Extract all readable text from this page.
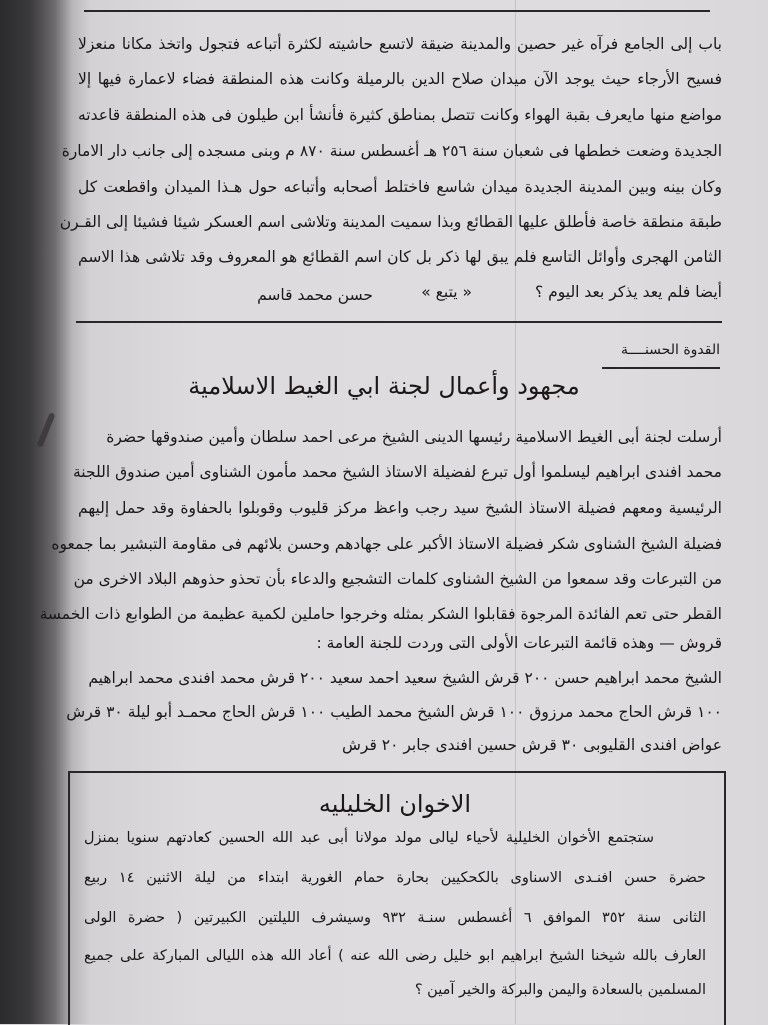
باب إلى الجامع فرآه غير حصين والمدينة ضيقة لاتسع حاشيته لكثرة أتباعه فتجول واتخذ مكانا منعزلا
فسيح الأرجاء حيث يوجد الآن ميدان صلاح الدين بالرميلة وكانت هذه المنطقة فضاء لاعمارة فيها إلا
مواضع منها مايعرف بقبة الهواء وكانت تتصل بمناطق كثيرة فأنشأ ابن طيلون فى هذه المنطقة قاعدته
الجديدة وضعت خططها فى شعبان سنة ٢٥٦ هـ أغسطس سنة ٨٧٠ م وبنى مسجده إلى جانب دار الامارة
وكان بينه وبين المدينة الجديدة ميدان شاسع فاختلط أصحابه وأتباعه حول هـذا الميدان واقطعت كل
طبقة منطقة خاصة فأطلق عليها القطائع وبذا سميت المدينة وتلاشى اسم العسكر شيئا فشيئا إلى القـرن
الثامن الهجرى وأوائل التاسع فلم يبق لها ذكر بل كان اسم القطائع هو المعروف وقد تلاشى هذا الاسم
أيضا فلم يعد يذكر بعد اليوم ؟
« يتبع »
حسن محمد قاسم
القدوة الحسنــــة
مجهود وأعمال لجنة ابي الغيط الاسلامية
أرسلت لجنة أبى الغيط الاسلامية رئيسها الدينى الشيخ مرعى احمد سلطان وأمين صندوقها حضرة
محمد افندى ابراهيم ليسلموا أول تبرع لفضيلة الاستاذ الشيخ محمد مأمون الشناوى أمين صندوق اللجنة
الرئيسية ومعهم فضيلة الاستاذ الشيخ سيد رجب واعظ مركز قليوب وقوبلوا بالحفاوة وقد حمل إليهم
فضيلة الشيخ الشناوى شكر فضيلة الاستاذ الأكبر على جهادهم وحسن بلائهم فى مقاومة التبشير بما جمعوه
من التبرعات وقد سمعوا من الشيخ الشناوى كلمات التشجيع والدعاء بأن تحذو حذوهم البلاد الاخرى من
القطر حتى تعم الفائدة المرجوة فقابلوا الشكر بمثله وخرجوا حاملين لكمية عظيمة من الطوابع ذات الخمسة
قروش — وهذه قائمة التبرعات الأولى التى وردت للجنة العامة :
الشيخ محمد ابراهيم حسن ٢٠٠ قرش الشيخ سعيد احمد سعيد ٢٠٠ قرش محمد افندى محمد ابراهيم
١٠٠ قرش الحاج محمد مرزوق ١٠٠ قرش الشيخ محمد الطيب ١٠٠ قرش الحاج محمـد أبو ليلة ٣٠ قرش
عواض افندى القليوبى ٣٠ قرش حسين افندى جابر ٢٠ قرش
الاخوان الخليليه
ستجتمع الأخوان الخليلية لأحياء ليالى مولد مولانا أبى عبد الله الحسين كعادتهم سنويا بمنزل
حضرة حسن افنـدى الاسناوى بالكحكيين بحارة حمام الغورية ابتداء من ليلة الاثنين ١٤ ربيع
الثانى سنة ٣٥٢ الموافق ٦ أغسطس سنـة ٩٣٢ وسيشرف الليلتين الكبيرتين ( حضرة الولى
العارف بالله شيخنا الشيخ ابراهيم ابو خليل رضى الله عنه ) أعاد الله هذه الليالى المباركة على جميع
المسلمين بالسعادة واليمن والبركة والخير آمين ؟
